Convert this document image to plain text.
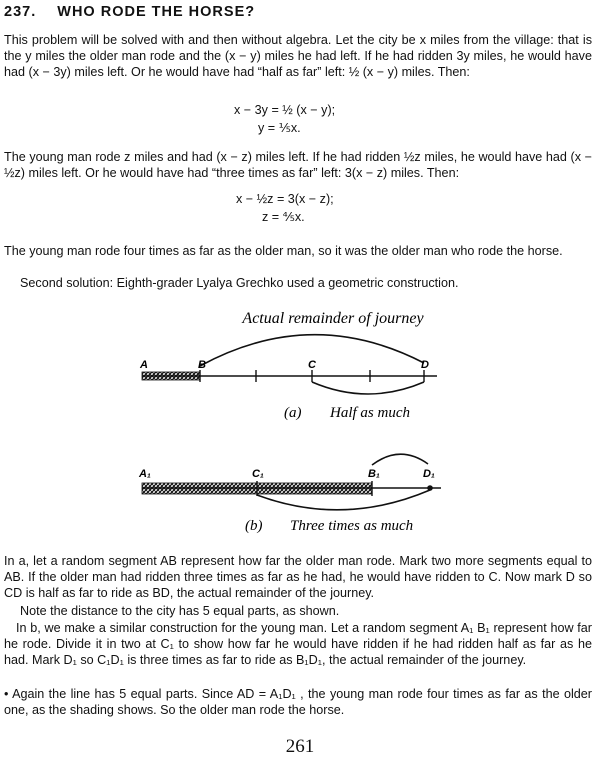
237. WHO RODE THE HORSE?
This problem will be solved with and then without algebra. Let the city be x miles from the village: that is the y miles the older man rode and the (x − y) miles he had left. If he had ridden 3y miles, he would have had (x − 3y) miles left. Or he would have had “half as far” left: ½ (x − y) miles. Then:
x − 3y = ½ (x − y);
y = ⅕x.
The young man rode z miles and had (x − z) miles left. If he had ridden ½z miles, he would have had (x − ½z) miles left. Or he would have had “three times as far” left: 3(x − z) miles. Then:
x − ½z = 3(x − z);
z = ⅘x.
The young man rode four times as far as the older man, so it was the older man who rode the horse.
Second solution: Eighth-grader Lyalya Grechko used a geometric construction.
Actual remainder of journey
A	B	C	D
(a) Half as much
A₁	C₁	B₁	D₁
(b) Three times as much
In a, let a random segment AB represent how far the older man rode. Mark two more segments equal to AB. If the older man had ridden three times as far as he had, he would have ridden to C. Now mark D so CD is half as far to ride as BD, the actual remainder of the journey.
Note the distance to the city has 5 equal parts, as shown.
In b, we make a similar construction for the young man. Let a random segment A₁ B₁ represent how far he rode. Divide it in two at C₁ to show how far he would have ridden if he had ridden half as far as he had. Mark D₁ so C₁D₁ is three times as far to ride as B₁D₁, the actual remainder of the journey.
• Again the line has 5 equal parts. Since AD = A₁D₁ , the young man rode four times as far as the older one, as the shading shows. So the older man rode the horse.
261
